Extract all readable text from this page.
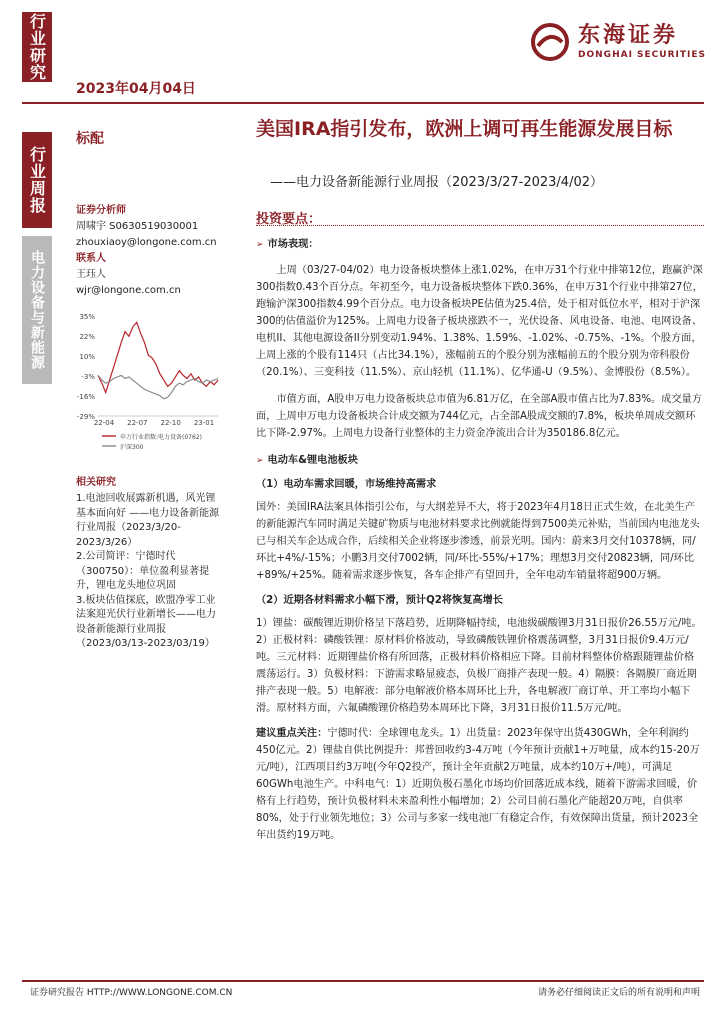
行业研究
行业周报
电力设备与新能源
2023年04月04日
东海证券
DONGHAI SECURITIES
标配	美国IRA指引发布，欧洲上调可再生能源发展目标
——电力设备新能源行业周报（2023/3/27-2023/4/02）
证券分析师
周啸宇 S0630519030001
zhouxiaoy@longone.com.cn
联系人
王珏人
wjr@longone.com.cn
35%
22%
10%
-3%
-16%
-29%
22-04 22-07 22-10 23-01
申万行业指数:电力设备(0762)
沪深300
相关研究
1.电池回收展露新机遇，风光锂基本面向好 ——电力设备新能源行业周报（2023/3/20-2023/3/26）
2.公司简评：宁德时代（300750）：单位盈利显著提升，锂电龙头地位巩固
3.板块估值探底，欧盟净零工业法案迎光伏行业新增长——电力设备新能源行业周报（2023/03/13-2023/03/19）
投资要点：
➢ 市场表现：

上周（03/27-04/02）电力设备板块整体上涨1.02%，在申万31个行业中排第12位，跑赢沪深300指数0.43个百分点。年初至今，电力设备板块整体下跌0.36%，在申万31个行业中排第27位，跑输沪深300指数4.99个百分点。电力设备板块PE估值为25.4倍，处于相对低位水平，相对于沪深300的估值溢价为125%。上周电力设备子板块涨跌不一，光伏设备、风电设备、电池、电网设备、电机II、其他电源设备II分别变动1.94%、1.38%、1.59%、-1.02%、-0.75%、-1%。个股方面，上周上涨的个股有114只（占比34.1%），涨幅前五的个股分别为涨幅前五的个股分别为帝科股份（20.1%）、三变科技（11.5%）、京山轻机（11.1%）、亿华通-U（9.5%）、金博股份（8.5%）。

市值方面，A股申万电力设备板块总市值为6.81万亿，在全部A股市值占比为7.83%。成交量方面，上周申万电力设备板块合计成交额为744亿元，占全部A股成交额的7.8%，板块单周成交额环比下降-2.97%。上周电力设备行业整体的主力资金净流出合计为350186.8亿元。

➢ 电动车&锂电池板块
（1）电动车需求回暖，市场维持高需求

国外：美国IRA法案具体指引公布，与大纲差异不大，将于2023年4月18日正式生效，在北美生产的新能源汽车同时满足关键矿物质与电池材料要求比例就能得到7500美元补贴，当前国内电池龙头已与相关车企达成合作，后续相关企业将逐步渗透，前景光明。国内：蔚来3月交付10378辆，同/环比+4%/-15%；小鹏3月交付7002辆，同/环比-55%/+17%；理想3月交付20823辆，同/环比+89%/+25%。随着需求逐步恢复，各车企排产有望回升，全年电动车销量将超900万辆。

（2）近期各材料需求小幅下滑，预计Q2将恢复高增长

1）锂盐：碳酸锂近期价格呈下落趋势，近期降幅持续，电池级碳酸锂3月31日报价26.55万元/吨。2）正极材料：磷酸铁锂：原材料价格波动，导致磷酸铁锂价格震荡调整，3月31日报价9.4万元/吨。三元材料：近期锂盐价格有所回落，正极材料价格相应下降。目前材料整体价格跟随锂盐价格震荡运行。3）负极材料：下游需求略显疲态，负极厂商排产表现一般。4）隔膜：各隔膜厂商近期排产表现一般。5）电解液：部分电解液价格本周环比上升，各电解液厂商订单、开工率均小幅下滑。原材料方面，六氟磷酸锂价格趋势本周环比下降，3月31日报价11.5万元/吨。

建议重点关注：宁德时代：全球锂电龙头。1）出货量：2023年保守出货430GWh，全年利润约450亿元。2）锂盐自供比例提升：邦普回收约3-4万吨（今年预计贡献1+万吨量，成本约15-20万元/吨），江西项目约3万吨(今年Q2投产，预计全年贡献2万吨量，成本约10万+/吨），可满足60GWh电池生产。中科电气：1）近期负极石墨化市场均价回落近成本线，随着下游需求回暖，价格有上行趋势，预计负极材料未来盈利性小幅增加；2）公司目前石墨化产能超20万吨，自供率80%，处于行业领先地位；3）公司与多家一线电池厂有稳定合作，有效保障出货量，预计2023全年出货约19万吨。

证券研究报告 HTTP://WWW.LONGONE.COM.CN	请务必仔细阅读正文后的所有说明和声明
